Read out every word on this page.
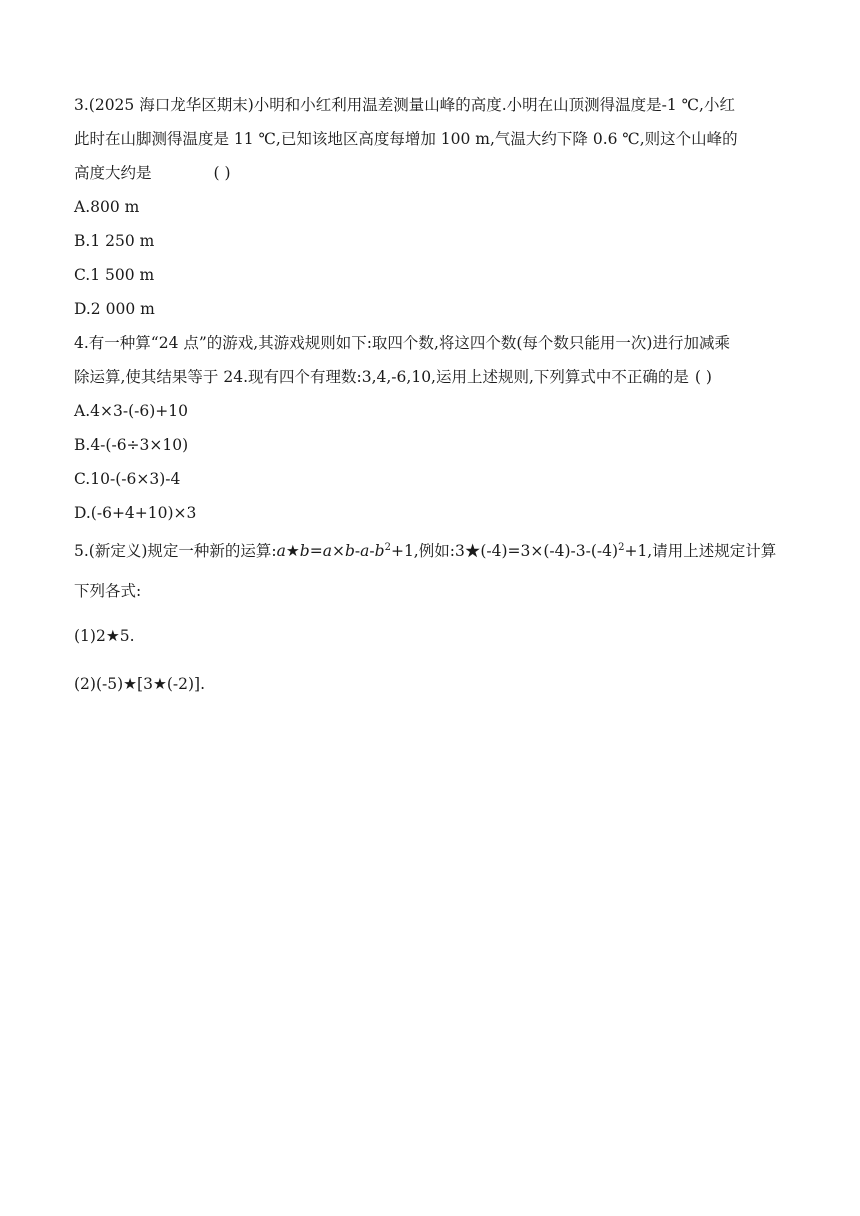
3.(2025 海口龙华区期末)小明和小红利用温差测量山峰的高度.小明在山顶测得温度是-1 ℃,小红
此时在山脚测得温度是 11 ℃,已知该地区高度每增加 100 m,气温大约下降 0.6 ℃,则这个山峰的
高度大约是	( )
A.800 m
B.1 250 m
C.1 500 m
D.2 000 m
4.有一种算“24 点”的游戏,其游戏规则如下:取四个数,将这四个数(每个数只能用一次)进行加减乘
除运算,使其结果等于 24.现有四个有理数:3,4,-6,10,运用上述规则,下列算式中不正确的是 ( )
A.4×3-(-6)+10
B.4-(-6÷3×10)
C.10-(-6×3)-4
D.(-6+4+10)×3
5.(新定义)规定一种新的运算$:a★b=a\times b-a-b^2+1$,例如$:3★(-4)=3\times(-4)-3-(-4)^2+1$,请用上述规定计算
下列各式:
(1)2★5.
(2)(-5)★[3★(-2)].
